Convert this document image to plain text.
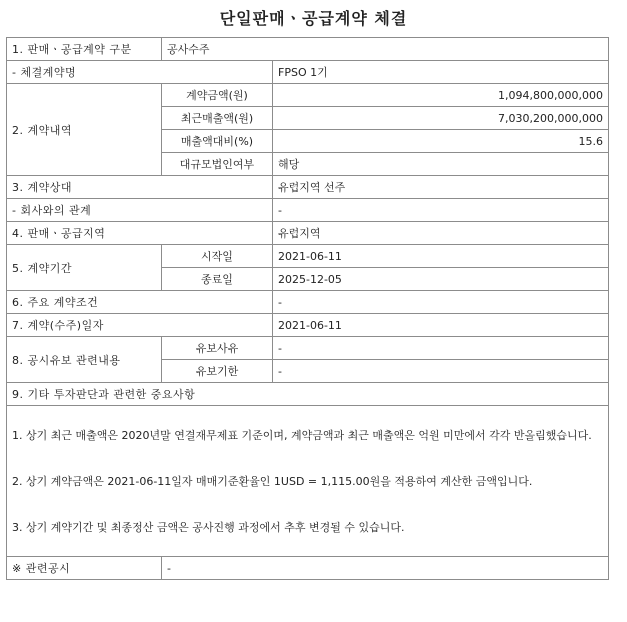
단일판매ㆍ공급계약 체결
1. 판매ㆍ공급계약 구분	공사수주	
- 체결계약명		FPSO 1기
2. 계약내역	계약금액(원)	1,094,800,000,000
	최근매출액(원)	7,030,200,000,000
	매출액대비(%)	15.6
	대규모법인여부	해당
3. 계약상대		유럽지역 선주
- 회사와의 관계		-
4. 판매ㆍ공급지역		유럽지역
5. 계약기간	시작일	2021-06-11
	종료일	2025-12-05
6. 주요 계약조건		-
7. 계약(수주)일자		2021-06-11
8. 공시유보 관련내용	유보사유	-
	유보기한	-
9. 기타 투자판단과 관련한 중요사항		

1. 상기 최근 매출액은 2020년말 연결재무제표 기준이며, 계약금액과 최근 매출액은 억원 미만에서 각각 반올림했습니다.

2. 상기 계약금액은 2021-06-11일자 매매기준환율인 1USD = 1,115.00원을 적용하여 계산한 금액입니다.

3. 상기 계약기간 및 최종정산 금액은 공사진행 과정에서 추후 변경될 수 있습니다.		

※ 관련공시	-	
